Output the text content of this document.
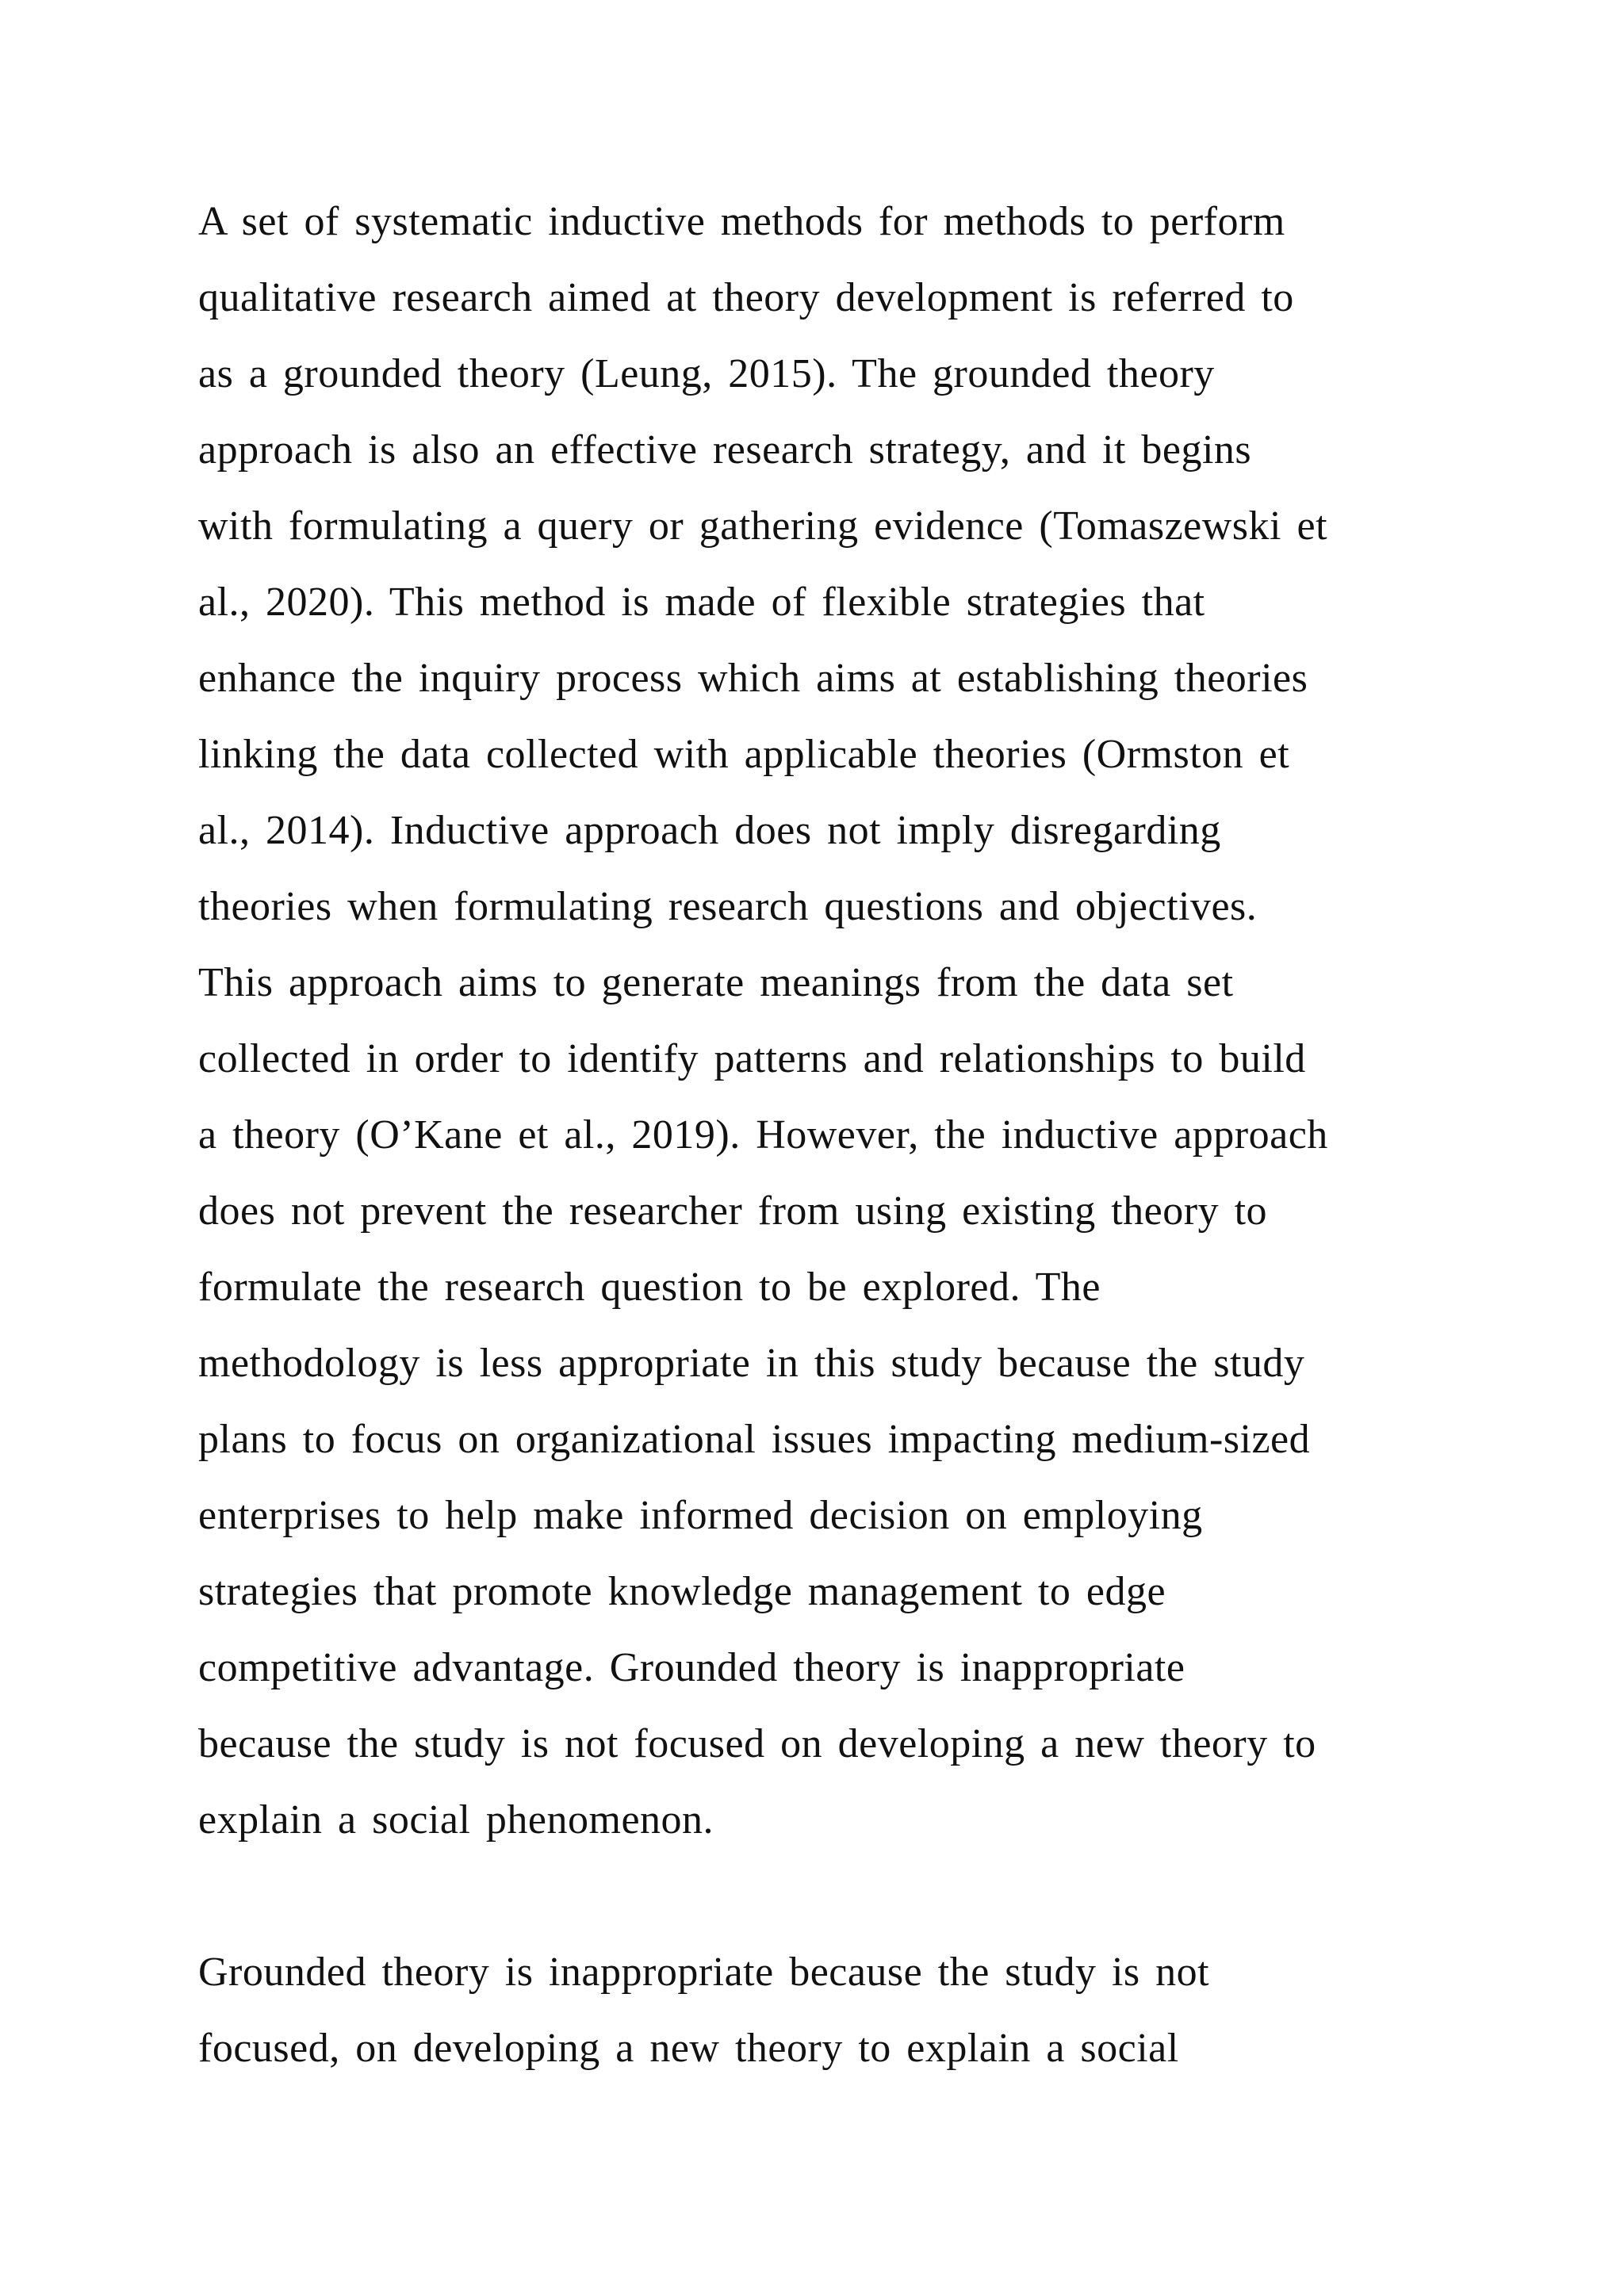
A set of systematic inductive methods for methods to perform
qualitative research aimed at theory development is referred to
as a grounded theory (Leung, 2015). The grounded theory
approach is also an effective research strategy, and it begins
with formulating a query or gathering evidence (Tomaszewski et
al., 2020). This method is made of flexible strategies that
enhance the inquiry process which aims at establishing theories
linking the data collected with applicable theories (Ormston et
al., 2014). Inductive approach does not imply disregarding
theories when formulating research questions and objectives.
This approach aims to generate meanings from the data set
collected in order to identify patterns and relationships to build
a theory (O’Kane et al., 2019). However, the inductive approach
does not prevent the researcher from using existing theory to
formulate the research question to be explored. The
methodology is less appropriate in this study because the study
plans to focus on organizational issues impacting medium-sized
enterprises to help make informed decision on employing
strategies that promote knowledge management to edge
competitive advantage. Grounded theory is inappropriate
because the study is not focused on developing a new theory to
explain a social phenomenon.
Grounded theory is inappropriate because the study is not
focused, on developing a new theory to explain a social
